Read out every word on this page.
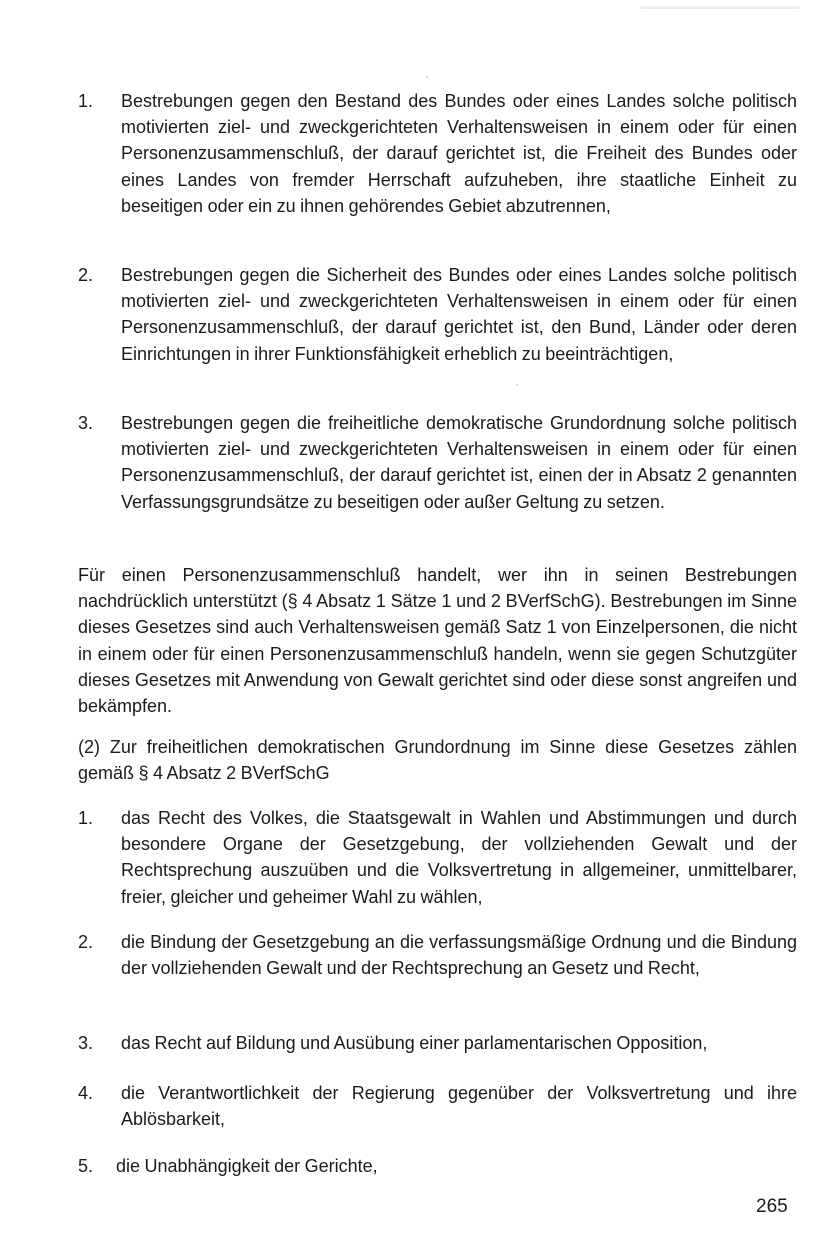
1. Bestrebungen gegen den Bestand des Bundes oder eines Landes solche politisch motivierten ziel- und zweckgerichteten Verhaltensweisen in einem oder für einen Personenzusammenschluß, der darauf gerichtet ist, die Freiheit des Bundes oder eines Landes von fremder Herrschaft aufzuheben, ihre staatliche Einheit zu beseitigen oder ein zu ihnen gehörendes Gebiet abzutrennen,
2. Bestrebungen gegen die Sicherheit des Bundes oder eines Landes solche politisch motivierten ziel- und zweckgerichteten Verhaltensweisen in einem oder für einen Personenzusammenschluß, der darauf gerichtet ist, den Bund, Länder oder deren Einrichtungen in ihrer Funktionsfähigkeit erheblich zu beeinträchtigen,
3. Bestrebungen gegen die freiheitliche demokratische Grundordnung solche politisch motivierten ziel- und zweckgerichteten Verhaltensweisen in einem oder für einen Personenzusammenschluß, der darauf gerichtet ist, einen der in Absatz 2 genannten Verfassungsgrundsätze zu beseitigen oder außer Geltung zu setzen.
Für einen Personenzusammenschluß handelt, wer ihn in seinen Bestrebungen nachdrücklich unterstützt (§ 4 Absatz 1 Sätze 1 und 2 BVerfSchG). Bestrebungen im Sinne dieses Gesetzes sind auch Verhaltensweisen gemäß Satz 1 von Einzelpersonen, die nicht in einem oder für einen Personenzusammenschluß handeln, wenn sie gegen Schutzgüter dieses Gesetzes mit Anwendung von Gewalt gerichtet sind oder diese sonst angreifen und bekämpfen.
(2) Zur freiheitlichen demokratischen Grundordnung im Sinne diese Gesetzes zählen gemäß § 4 Absatz 2 BVerfSchG
1. das Recht des Volkes, die Staatsgewalt in Wahlen und Abstimmungen und durch besondere Organe der Gesetzgebung, der vollziehenden Gewalt und der Rechtsprechung auszuüben und die Volksvertretung in allgemeiner, unmittelbarer, freier, gleicher und geheimer Wahl zu wählen,
2. die Bindung der Gesetzgebung an die verfassungsmäßige Ordnung und die Bindung der vollziehenden Gewalt und der Rechtsprechung an Gesetz und Recht,
3. das Recht auf Bildung und Ausübung einer parlamentarischen Opposition,
4. die Verantwortlichkeit der Regierung gegenüber der Volksvertretung und ihre Ablösbarkeit,
5. die Unabhängigkeit der Gerichte,
265
